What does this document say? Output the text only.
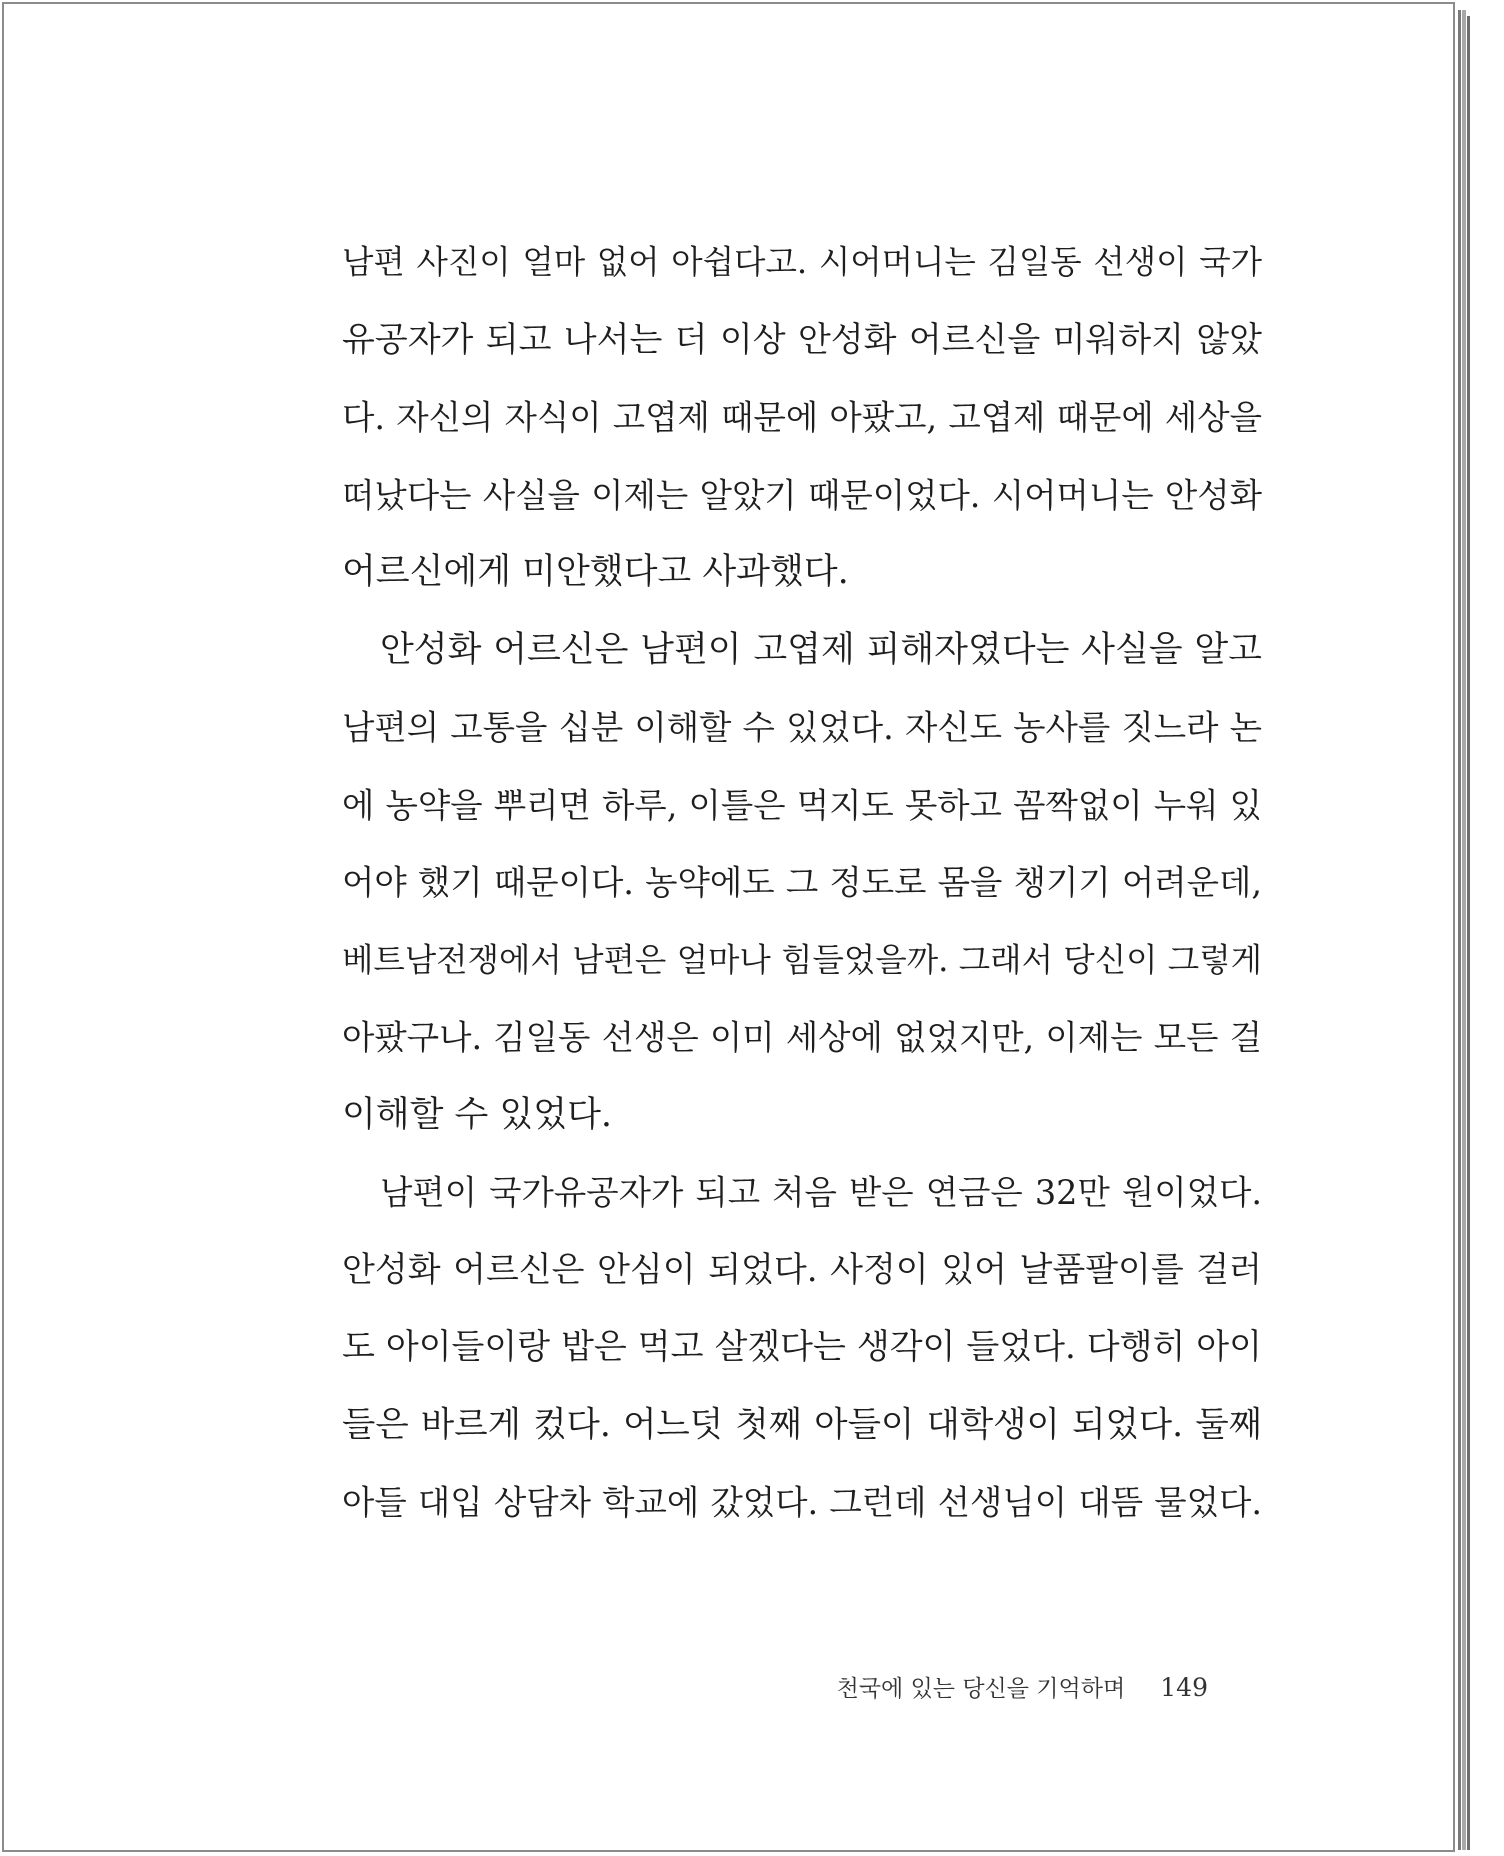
남편 사진이 얼마 없어 아쉽다고. 시어머니는 김일동 선생이 국가
유공자가 되고 나서는 더 이상 안성화 어르신을 미워하지 않았
다. 자신의 자식이 고엽제 때문에 아팠고, 고엽제 때문에 세상을
떠났다는 사실을 이제는 알았기 때문이었다. 시어머니는 안성화
어르신에게 미안했다고 사과했다.
안성화 어르신은 남편이 고엽제 피해자였다는 사실을 알고
남편의 고통을 십분 이해할 수 있었다. 자신도 농사를 짓느라 논
에 농약을 뿌리면 하루, 이틀은 먹지도 못하고 꼼짝없이 누워 있
어야 했기 때문이다. 농약에도 그 정도로 몸을 챙기기 어려운데,
베트남전쟁에서 남편은 얼마나 힘들었을까. 그래서 당신이 그렇게
아팠구나. 김일동 선생은 이미 세상에 없었지만, 이제는 모든 걸
이해할 수 있었다.
남편이 국가유공자가 되고 처음 받은 연금은 32만 원이었다.
안성화 어르신은 안심이 되었다. 사정이 있어 날품팔이를 걸러
도 아이들이랑 밥은 먹고 살겠다는 생각이 들었다. 다행히 아이
들은 바르게 컸다. 어느덧 첫째 아들이 대학생이 되었다. 둘째
아들 대입 상담차 학교에 갔었다. 그런데 선생님이 대뜸 물었다.
천국에 있는 당신을 기억하며 149
